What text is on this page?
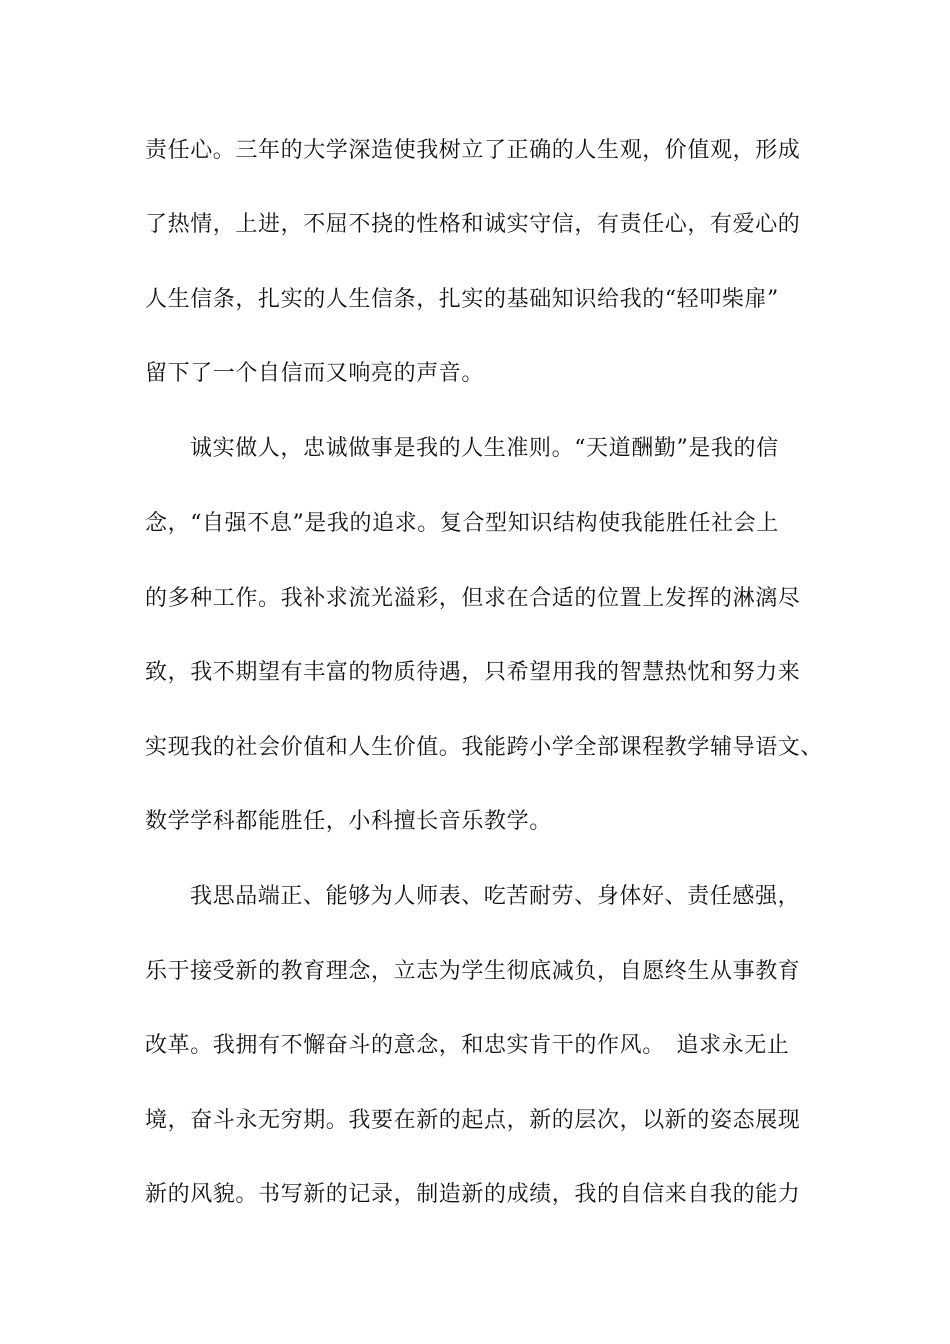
责任心。三年的大学深造使我树立了正确的人生观，价值观，形成
了热情，上进，不屈不挠的性格和诚实守信，有责任心，有爱心的
人生信条，扎实的人生信条，扎实的基础知识给我的“轻叩柴扉”
留下了一个自信而又响亮的声音。
诚实做人，忠诚做事是我的人生准则。“天道酬勤”是我的信
念，“自强不息”是我的追求。复合型知识结构使我能胜任社会上
的多种工作。我补求流光溢彩，但求在合适的位置上发挥的淋漓尽
致，我不期望有丰富的物质待遇，只希望用我的智慧热忱和努力来
实现我的社会价值和人生价值。我能跨小学全部课程教学辅导语文、
数学学科都能胜任，小科擅长音乐教学。
我思品端正、能够为人师表、吃苦耐劳、身体好、责任感强，
乐于接受新的教育理念，立志为学生彻底减负，自愿终生从事教育
改革。我拥有不懈奋斗的意念，和忠实肯干的作风。　追求永无止
境，奋斗永无穷期。我要在新的起点，新的层次，以新的姿态展现
新的风貌。书写新的记录，制造新的成绩，我的自信来自我的能力
